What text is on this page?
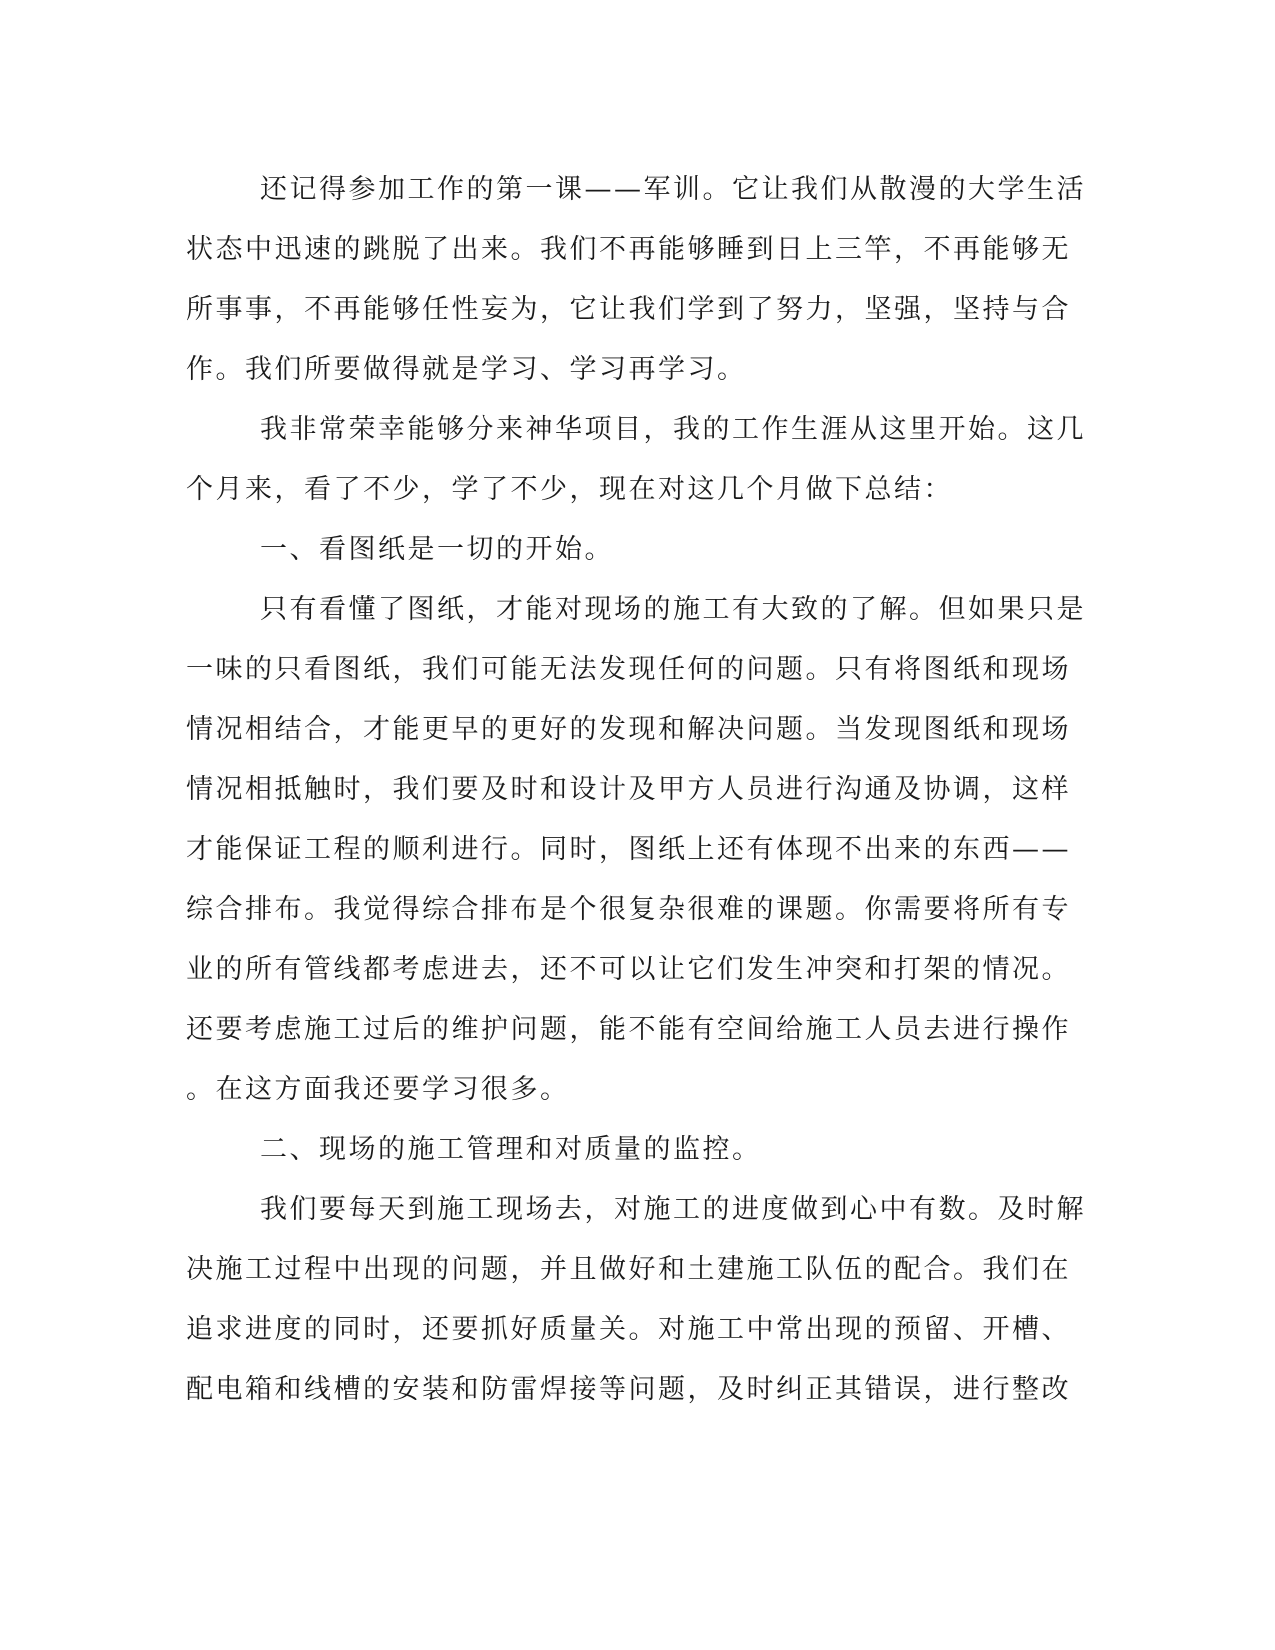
还记得参加工作的第一课——军训。它让我们从散漫的大学生活
状态中迅速的跳脱了出来。我们不再能够睡到日上三竿，不再能够无
所事事，不再能够任性妄为，它让我们学到了努力，坚强，坚持与合
作。我们所要做得就是学习、学习再学习。
我非常荣幸能够分来神华项目，我的工作生涯从这里开始。这几
个月来，看了不少，学了不少，现在对这几个月做下总结：
一、看图纸是一切的开始。
只有看懂了图纸，才能对现场的施工有大致的了解。但如果只是
一味的只看图纸，我们可能无法发现任何的问题。只有将图纸和现场
情况相结合，才能更早的更好的发现和解决问题。当发现图纸和现场
情况相抵触时，我们要及时和设计及甲方人员进行沟通及协调，这样
才能保证工程的顺利进行。同时，图纸上还有体现不出来的东西——
综合排布。我觉得综合排布是个很复杂很难的课题。你需要将所有专
业的所有管线都考虑进去，还不可以让它们发生冲突和打架的情况。
还要考虑施工过后的维护问题，能不能有空间给施工人员去进行操作
。在这方面我还要学习很多。
二、现场的施工管理和对质量的监控。
我们要每天到施工现场去，对施工的进度做到心中有数。及时解
决施工过程中出现的问题，并且做好和土建施工队伍的配合。我们在
追求进度的同时，还要抓好质量关。对施工中常出现的预留、开槽、
配电箱和线槽的安装和防雷焊接等问题，及时纠正其错误，进行整改
